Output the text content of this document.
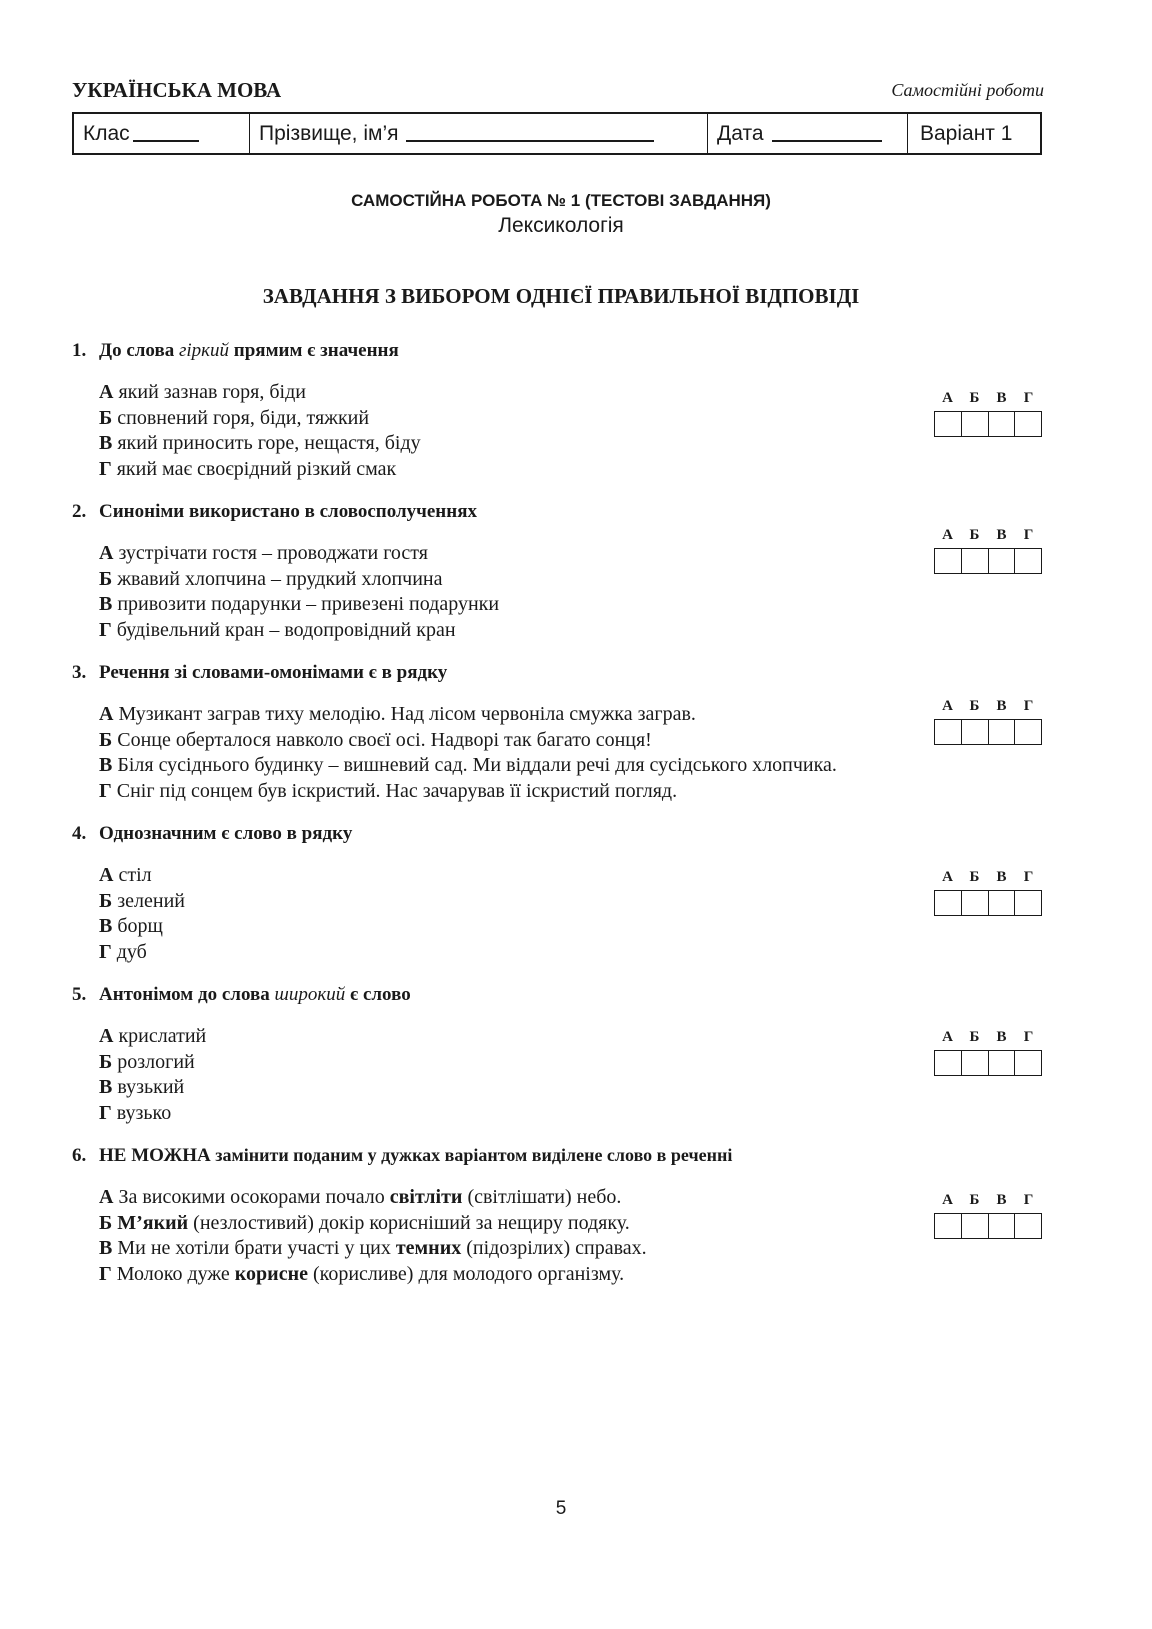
УКРАЇНСЬКА МОВА	Самостійні роботи
Клас	Прізвище, ім’я	Дата	Варіант 1
САМОСТІЙНА РОБОТА № 1 (ТЕСТОВІ ЗАВДАННЯ)
Лексикологія
ЗАВДАННЯ З ВИБОРОМ ОДНІЄЇ ПРАВИЛЬНОЇ ВІДПОВІДІ
1. До слова гіркий прямим є значення
А який зазнав горя, біди
Б сповнений горя, біди, тяжкий
В який приносить горе, нещастя, біду
Г який має своєрідний різкий смак
А	Б	В	Г
2. Синоніми використано в словосполученнях
А зустрічати гостя – проводжати гостя
Б жвавий хлопчина – прудкий хлопчина
В привозити подарунки – привезені подарунки
Г будівельний кран – водопровідний кран
А	Б	В	Г
3. Речення зі словами-омонімами є в рядку
А Музикант заграв тиху мелодію. Над лісом червоніла смужка заграв.
Б Сонце оберталося навколо своєї осі. Надворі так багато сонця!
В Біля сусіднього будинку – вишневий сад. Ми віддали речі для сусідського хлопчика.
Г Сніг під сонцем був іскристий. Нас зачарував її іскристий погляд.
А	Б	В	Г
4. Однозначним є слово в рядку
А стіл
Б зелений
В борщ
Г дуб
А	Б	В	Г
5. Антонімом до слова широкий є слово
А крислатий
Б розлогий
В вузький
Г вузько
А	Б	В	Г
6. НЕ МОЖНА замінити поданим у дужках варіантом виділене слово в реченні
А За високими осокорами почало світліти (світлішати) небо.
Б М’який (незлостивий) докір корисніший за нещиру подяку.
В Ми не хотіли брати участі у цих темних (підозрілих) справах.
Г Молоко дуже корисне (корисливе) для молодого організму.
А	Б	В	Г
5
